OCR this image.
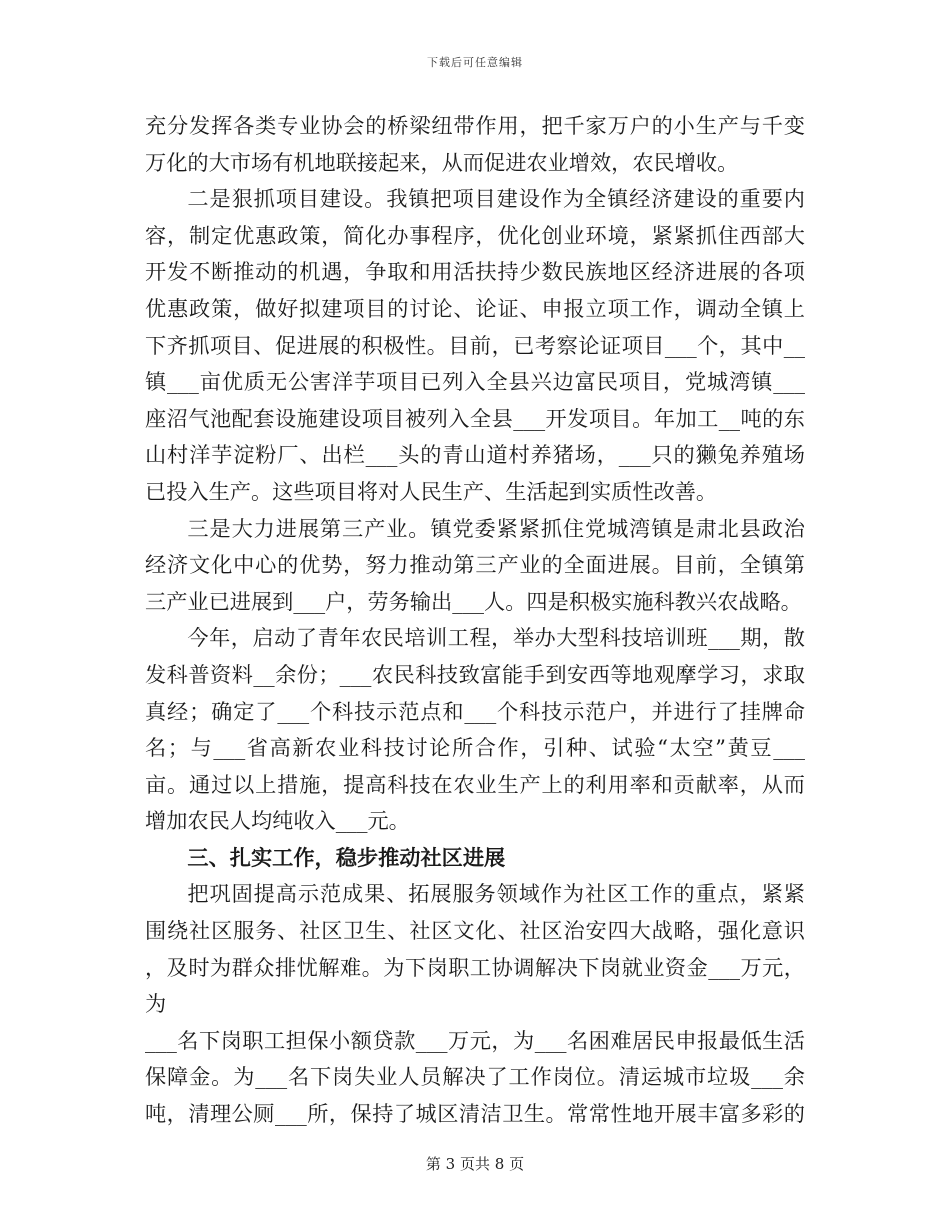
下载后可任意编辑

充分发挥各类专业协会的桥梁纽带作用，把千家万户的小生产与千变

万化的大市场有机地联接起来，从而促进农业增效，农民增收。

二是狠抓项目建设。我镇把项目建设作为全镇经济建设的重要内

容，制定优惠政策，简化办事程序，优化创业环境，紧紧抓住西部大

开发不断推动的机遇，争取和用活扶持少数民族地区经济进展的各项

优惠政策，做好拟建项目的讨论、论证、申报立项工作，调动全镇上

下齐抓项目、促进展的积极性。目前，已考察论证项目___个，其中__

镇___亩优质无公害洋芋项目已列入全县兴边富民项目，党城湾镇___

座沼气池配套设施建设项目被列入全县___开发项目。年加工__吨的东

山村洋芋淀粉厂、出栏___头的青山道村养猪场，___只的獭兔养殖场

已投入生产。这些项目将对人民生产、生活起到实质性改善。

三是大力进展第三产业。镇党委紧紧抓住党城湾镇是肃北县政治

经济文化中心的优势，努力推动第三产业的全面进展。目前，全镇第

三产业已进展到___户，劳务输出___人。四是积极实施科教兴农战略。

今年，启动了青年农民培训工程，举办大型科技培训班___期，散

发科普资料__余份；___农民科技致富能手到安西等地观摩学习，求取

真经；确定了___个科技示范点和___个科技示范户，并进行了挂牌命

名；与___省高新农业科技讨论所合作，引种、试验“太空”黄豆___

亩。通过以上措施，提高科技在农业生产上的利用率和贡献率，从而

增加农民人均纯收入___元。

三、扎实工作，稳步推动社区进展

把巩固提高示范成果、拓展服务领域作为社区工作的重点，紧紧

围绕社区服务、社区卫生、社区文化、社区治安四大战略，强化意识

，及时为群众排忧解难。为下岗职工协调解决下岗就业资金___万元，为

___名下岗职工担保小额贷款___万元，为___名困难居民申报最低生活

保障金。为___名下岗失业人员解决了工作岗位。清运城市垃圾___余

吨，清理公厕___所，保持了城区清洁卫生。常常性地开展丰富多彩的

第 3 页共 8 页
